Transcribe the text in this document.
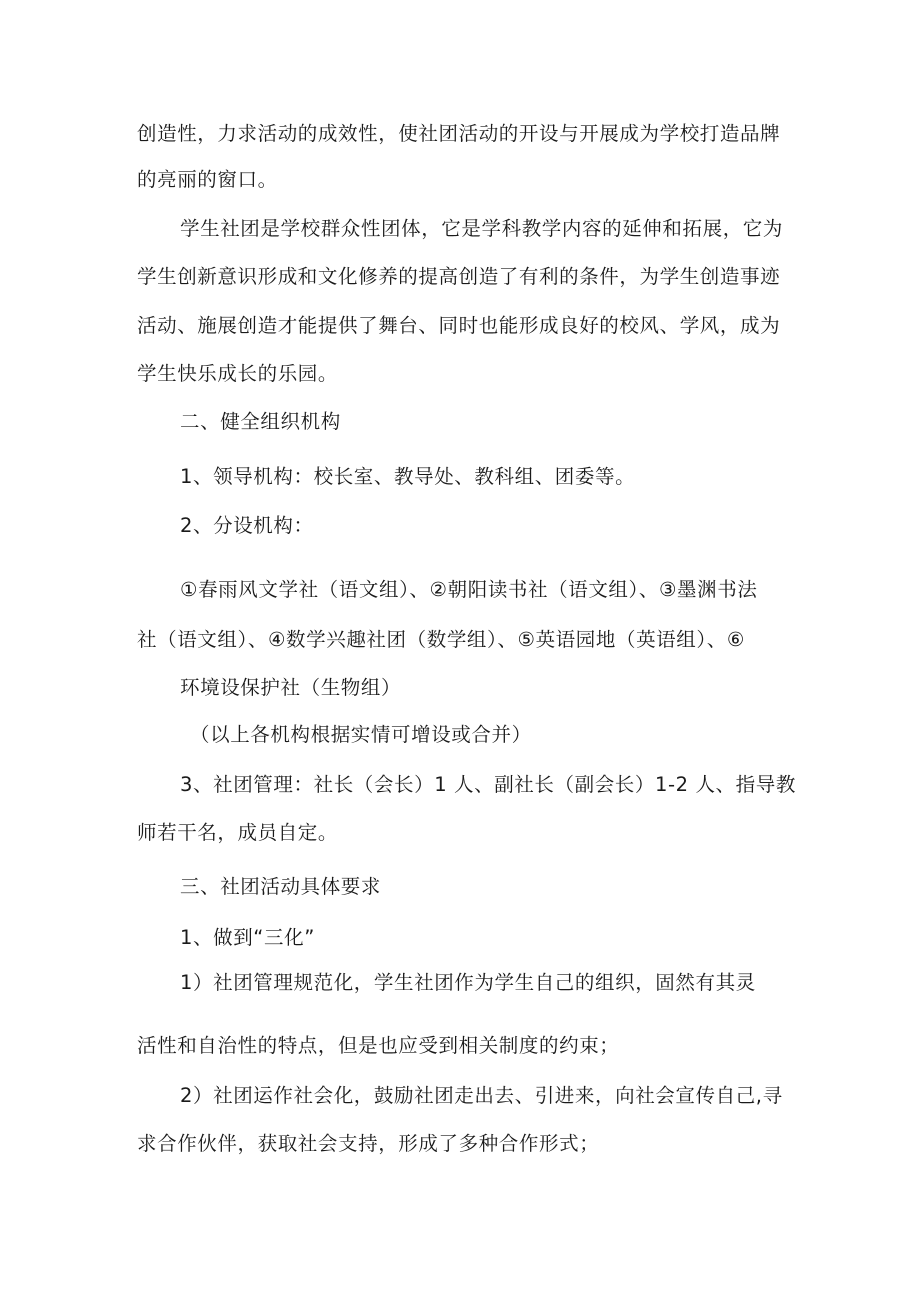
创造性，力求活动的成效性，使社团活动的开设与开展成为学校打造品牌

的亮丽的窗口。

学生社团是学校群众性团体，它是学科教学内容的延伸和拓展，它为

学生创新意识形成和文化修养的提高创造了有利的条件，为学生创造事迹

活动、施展创造才能提供了舞台、同时也能形成良好的校风、学风，成为

学生快乐成长的乐园。

二、健全组织机构

1、领导机构：校长室、教导处、教科组、团委等。

2、分设机构：

①春雨风文学社（语文组）、②朝阳读书社（语文组）、③墨渊书法

社（语文组）、④数学兴趣社团（数学组）、⑤英语园地（英语组）、⑥

环境设保护社（生物组）

（以上各机构根据实情可增设或合并）

3、社团管理：社长（会长）1 人、副社长（副会长）1-2 人、指导教

师若干名，成员自定。

三、社团活动具体要求

1、做到“三化”

1）社团管理规范化，学生社团作为学生自己的组织，固然有其灵

活性和自治性的特点，但是也应受到相关制度的约束；

2）社团运作社会化，鼓励社团走出去、引进来，向社会宣传自己,寻

求合作伙伴，获取社会支持，形成了多种合作形式；
